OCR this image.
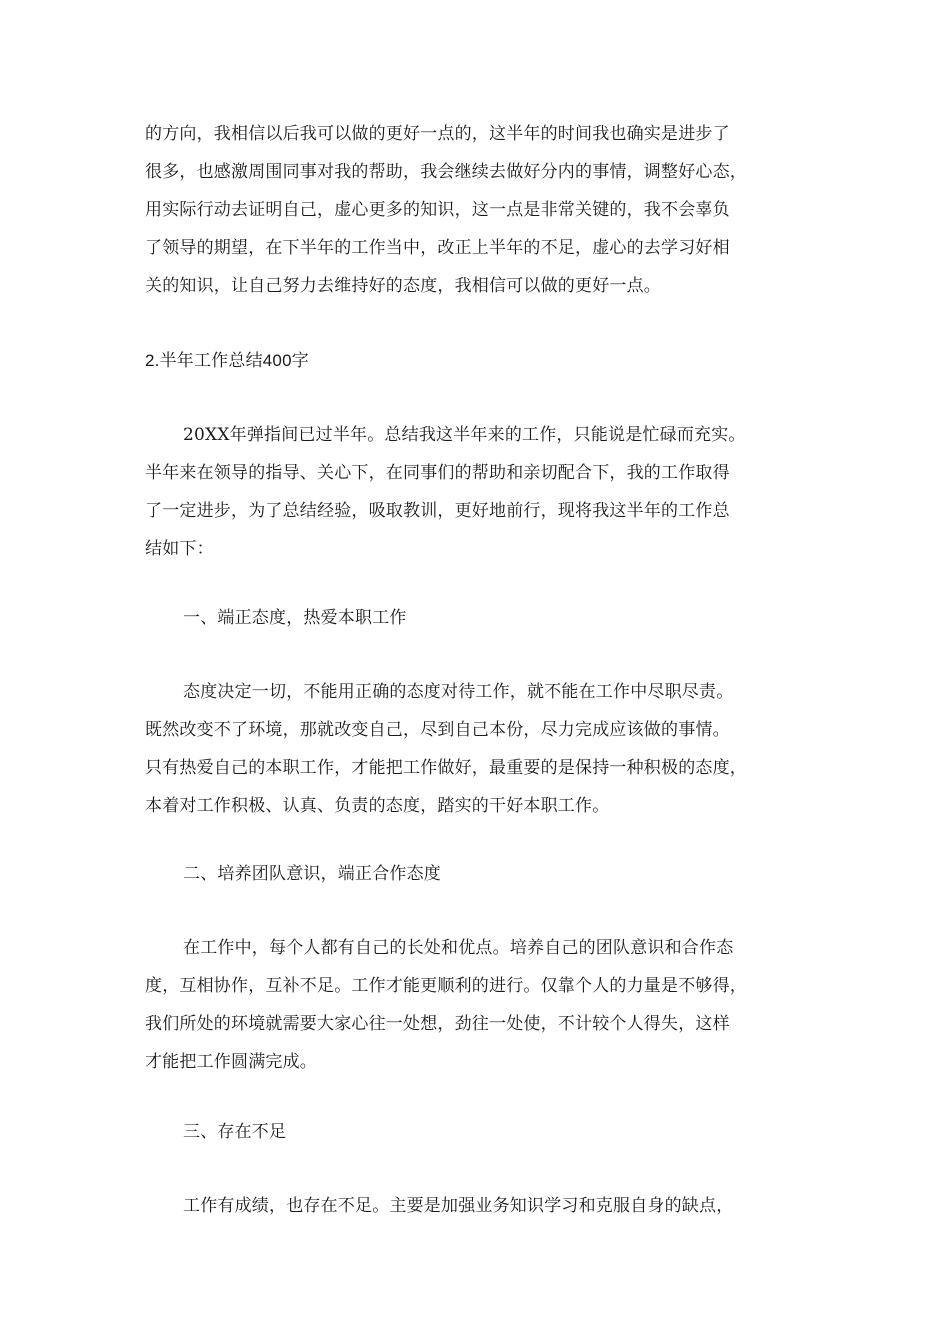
的方向，我相信以后我可以做的更好一点的，这半年的时间我也确实是进步了
很多，也感激周围同事对我的帮助，我会继续去做好分内的事情，调整好心态，
用实际行动去证明自己，虚心更多的知识，这一点是非常关键的，我不会辜负
了领导的期望，在下半年的工作当中，改正上半年的不足，虚心的去学习好相
关的知识，让自己努力去维持好的态度，我相信可以做的更好一点。
2.半年工作总结400字
20XX年弹指间已过半年。总结我这半年来的工作，只能说是忙碌而充实。
半年来在领导的指导、关心下，在同事们的帮助和亲切配合下，我的工作取得
了一定进步，为了总结经验，吸取教训，更好地前行，现将我这半年的工作总
结如下：
一、端正态度，热爱本职工作
态度决定一切，不能用正确的态度对待工作，就不能在工作中尽职尽责。
既然改变不了环境，那就改变自己，尽到自己本份，尽力完成应该做的事情。
只有热爱自己的本职工作，才能把工作做好，最重要的是保持一种积极的态度，
本着对工作积极、认真、负责的态度，踏实的干好本职工作。
二、培养团队意识，端正合作态度
在工作中，每个人都有自己的长处和优点。培养自己的团队意识和合作态
度，互相协作，互补不足。工作才能更顺利的进行。仅靠个人的力量是不够得，
我们所处的环境就需要大家心往一处想，劲往一处使，不计较个人得失，这样
才能把工作圆满完成。
三、存在不足
工作有成绩，也存在不足。主要是加强业务知识学习和克服自身的缺点，
